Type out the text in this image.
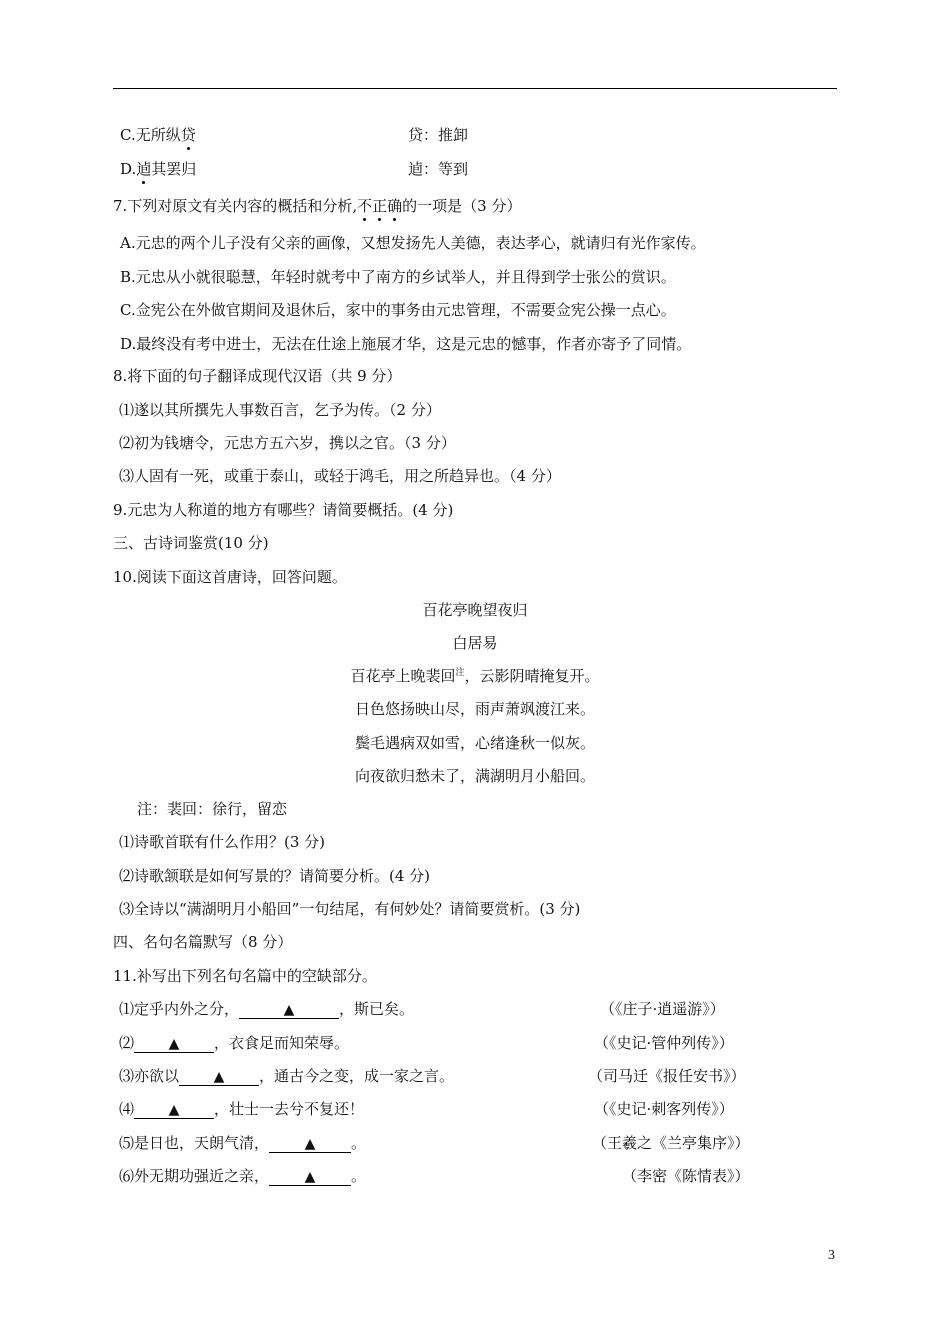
C.无所纵贷	贷：推卸
D.逌其罢归	逌：等到
7.下列对原文有关内容的概括和分析,不正确的一项是（3 分）
A.元忠的两个儿子没有父亲的画像，又想发扬先人美德，表达孝心，就请归有光作家传。
B.元忠从小就很聪慧，年轻时就考中了南方的乡试举人，并且得到学士张公的赏识。
C.佥宪公在外做官期间及退休后，家中的事务由元忠管理，不需要佥宪公操一点心。
D.最终没有考中进士，无法在仕途上施展才华，这是元忠的憾事，作者亦寄予了同情。
8.将下面的句子翻译成现代汉语（共 9 分）
⑴遂以其所撰先人事数百言，乞予为传。（2 分）
⑵初为钱塘令，元忠方五六岁，携以之官。（3 分）
⑶人固有一死，或重于泰山，或轻于鸿毛，用之所趋异也。（4 分）
9.元忠为人称道的地方有哪些？请简要概括。(4 分)
三、古诗词鉴赏(10 分)
10.阅读下面这首唐诗，回答问题。
百花亭晚望夜归
白居易
百花亭上晚裴回$^注$，云影阴晴掩复开。
日色悠扬映山尽，雨声萧飒渡江来。
鬓毛遇病双如雪，心绪逢秋一似灰。
向夜欲归愁未了，满湖明月小船回。
注：裴回：徐行，留恋
⑴诗歌首联有什么作用？(3 分)
⑵诗歌颔联是如何写景的？请简要分析。(4 分)
⑶全诗以“满湖明月小船回”一句结尾，有何妙处？请简要赏析。(3 分)
四、名句名篇默写（8 分）
11.补写出下列名句名篇中的空缺部分。
⑴定乎内外之分，	▲	，斯已矣。	（《庄子·逍遥游》）
⑵ ▲ ，衣食足而知荣辱。	（《史记·管仲列传》）
⑶亦欲以 ▲ ，通古今之变，成一家之言。	（司马迁《报任安书》）
⑷ ▲ ，壮士一去兮不复还！	（《史记·刺客列传》）
⑸是日也，天朗气清，	▲ 。	（王羲之《兰亭集序》）
⑹外无期功强近之亲，	▲ 。	（李密《陈情表》）
3
